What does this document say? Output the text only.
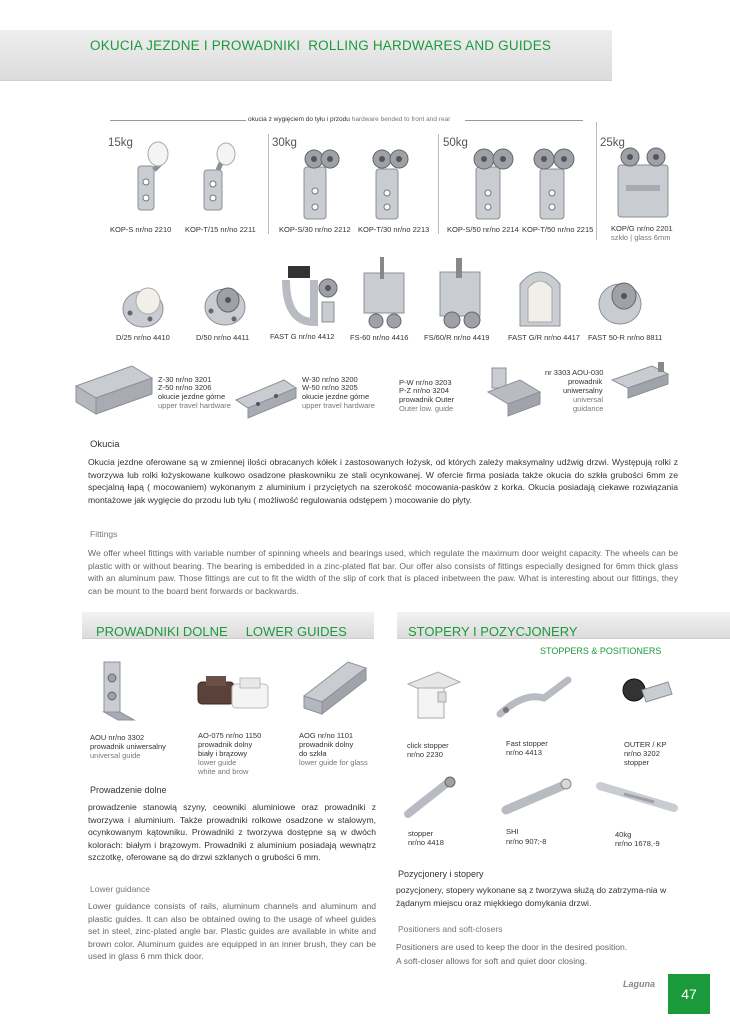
OKUCIA JEZDNE I PROWADNIKI ROLLING HARDWARES AND GUIDES
okucia z wygięciem do tyłu i przodu hardware bended to front and rear
15kg	30kg	50kg	25kg
KOP-S nr/no 2210 KOP-T/15 nr/no 2211	KOP-S/30 nr/no 2212 KOP-T/30 nr/no 2213 KOP-S/50 nr/no 2214 KOP-T/50 nr/no 2215 KOP/G nr/no 2201
szkło | glass 6mm
D/25 nr/no 4410	D/50 nr/no 4411	FAST G nr/no 4412 FS-60 nr/no 4416 FS/60/R nr/no 4419 FAST G/R nr/no 4417 FAST 50-R nr/no 8811
Z-30 nr/no 3201
Z-50 nr/no 3206
okucie jezdne górne
upper travel hardware
W-30 nr/no 3200
W-50 nr/no 3205
okucie jezdne górne
upper travel hardware
P-W nr/no 3203
P-Z nr/no 3204
prowadnik Outer
Outer low. guide
nr 3303 AOU-030
prowadnik
uniwersalny
universal
guidance
Okucia
Okucia jezdne oferowane są w zmiennej ilości obracanych kółek i zastosowanych łożysk, od których zależy maksymalny udźwig drzwi. Występują rolki z tworzywa lub rolki łożyskowane kulkowo osadzone płaskowniku ze stali ocynkowanej. W ofercie firma posiada także okucia do szkła grubości 6mm ze specjalną łapą ( mocowaniem) wykonanym z aluminium i przyciętych na szerokość mocowania-pasków z korka. Okucia posiadają ciekawe rozwiązania montażowe jak wygięcie do przodu lub tyłu ( możliwość regulowania odstępem ) mocowanie do płyty.
Fittings
We offer wheel fittings with variable number of spinning wheels and bearings used, which regulate the maximum door weight capacity. The wheels can be plastic with or without bearing. The bearing is embedded in a zinc-plated flat bar. Our offer also consists of fittings especially designed for 6mm thick glass with an aluminum paw. Those fittings are cut to fit the width of the slip of cork that is placed inbetween the paw. What is interesting about our fittings, they can be mount to the board bent forwards or backwards.
PROWADNIKI DOLNE LOWER GUIDES
AOU nr/no 3302
prowadnik uniwersalny
universal guide
AO-075 nr/no 1150
prowadnik dolny
biały i brązowy
lower guide
white and brow
AOG nr/no 1101
prowadnik dolny
do szkła
lower guide for glass
Prowadzenie dolne
prowadzenie stanowią szyny, ceowniki aluminiowe oraz prowadniki z tworzywa i aluminium. Także prowadniki rolkowe osadzone w stalowym, ocynkowanym kątowniku. Prowadniki z tworzywa dostępne są w dwóch kolorach: białym i brązowym. Prowadniki z aluminium posiadają wewnątrz szczotkę, oferowane są do drzwi szklanych o grubości 6 mm.
Lower guidance
Lower guidance consists of rails, aluminum channels and aluminum and plastic guides. It can also be obtained owing to the usage of wheel guides set in steel, zinc-plated angle bar. Plastic guides are available in white and brown color. Aluminum guides are equipped in an inner brush, they can be used in glass 6 mm thick door.
STOPERY I POZYCJONERY
STOPPERS & POSITIONERS
click stopper
nr/no 2230
Fast stopper
nr/no 4413
OUTER / KP
nr/no 3202
stopper
stopper
nr/no 4418
SHI
nr/no 907;-8
40kg
nr/no 1678,-9
Pozycjonery i stopery
pozycjonery, stopery wykonane są z tworzywa służą do zatrzyma-nia w żądanym miejscu oraz miękkiego domykania drzwi.
Positioners and soft-closers
Positioners are used to keep the door in the desired position.
A soft-closer allows for soft and quiet door closing.
Laguna
47
